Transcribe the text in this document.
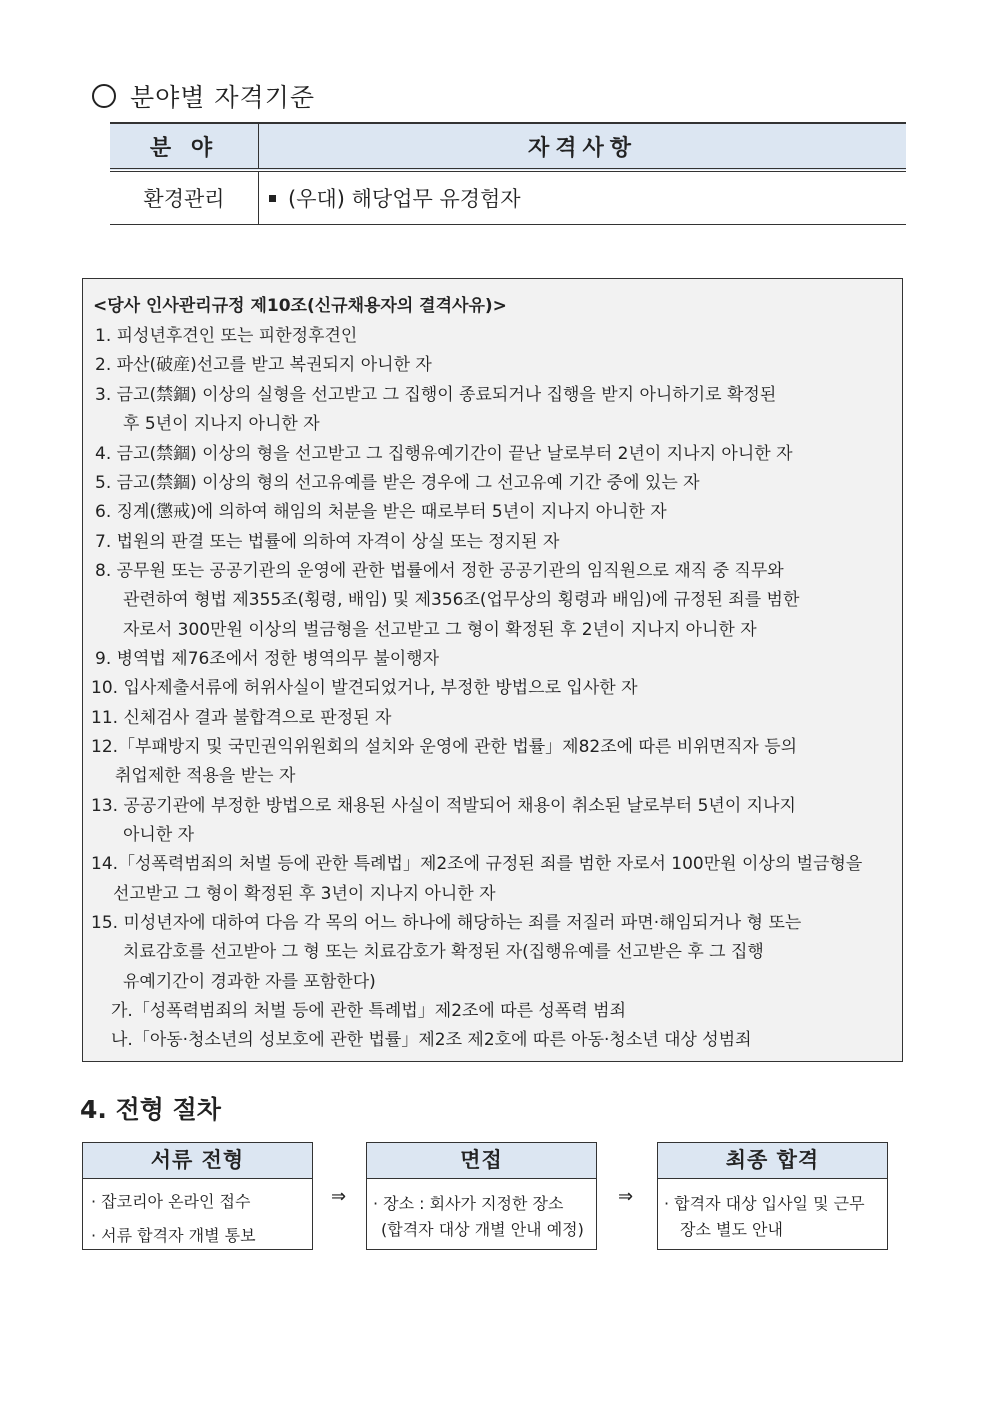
분야별 자격기준
분 야	자격사항
환경관리	(우대) 해당업무 유경험자
<당사 인사관리규정 제10조(신규채용자의 결격사유)>
1. 피성년후견인 또는 피한정후견인
2. 파산(破産)선고를 받고 복권되지 아니한 자
3. 금고(禁錮) 이상의 실형을 선고받고 그 집행이 종료되거나 집행을 받지 아니하기로 확정된
후 5년이 지나지 아니한 자
4. 금고(禁錮) 이상의 형을 선고받고 그 집행유예기간이 끝난 날로부터 2년이 지나지 아니한 자
5. 금고(禁錮) 이상의 형의 선고유예를 받은 경우에 그 선고유예 기간 중에 있는 자
6. 징계(懲戒)에 의하여 해임의 처분을 받은 때로부터 5년이 지나지 아니한 자
7. 법원의 판결 또는 법률에 의하여 자격이 상실 또는 정지된 자
8. 공무원 또는 공공기관의 운영에 관한 법률에서 정한 공공기관의 임직원으로 재직 중 직무와
관련하여 형법 제355조(횡령, 배임) 및 제356조(업무상의 횡령과 배임)에 규정된 죄를 범한
자로서 300만원 이상의 벌금형을 선고받고 그 형이 확정된 후 2년이 지나지 아니한 자
9. 병역법 제76조에서 정한 병역의무 불이행자
10. 입사제출서류에 허위사실이 발견되었거나, 부정한 방법으로 입사한 자
11. 신체검사 결과 불합격으로 판정된 자
12.「부패방지 및 국민권익위원회의 설치와 운영에 관한 법률」제82조에 따른 비위면직자 등의
취업제한 적용을 받는 자
13. 공공기관에 부정한 방법으로 채용된 사실이 적발되어 채용이 취소된 날로부터 5년이 지나지
아니한 자
14.「성폭력범죄의 처벌 등에 관한 특례법」제2조에 규정된 죄를 범한 자로서 100만원 이상의 벌금형을
선고받고 그 형이 확정된 후 3년이 지나지 아니한 자
15. 미성년자에 대하여 다음 각 목의 어느 하나에 해당하는 죄를 저질러 파면·해임되거나 형 또는
치료감호를 선고받아 그 형 또는 치료감호가 확정된 자(집행유예를 선고받은 후 그 집행
유예기간이 경과한 자를 포함한다)
가.「성폭력범죄의 처벌 등에 관한 특례법」제2조에 따른 성폭력 범죄
나.「아동·청소년의 성보호에 관한 법률」제2조 제2호에 따른 아동·청소년 대상 성범죄
4. 전형 절차
서류 전형
· 잡코리아 온라인 접수
· 서류 합격자 개별 통보
⇒
면접
· 장소 : 회사가 지정한 장소
(합격자 대상 개별 안내 예정)
⇒
최종 합격
· 합격자 대상 입사일 및 근무
장소 별도 안내
